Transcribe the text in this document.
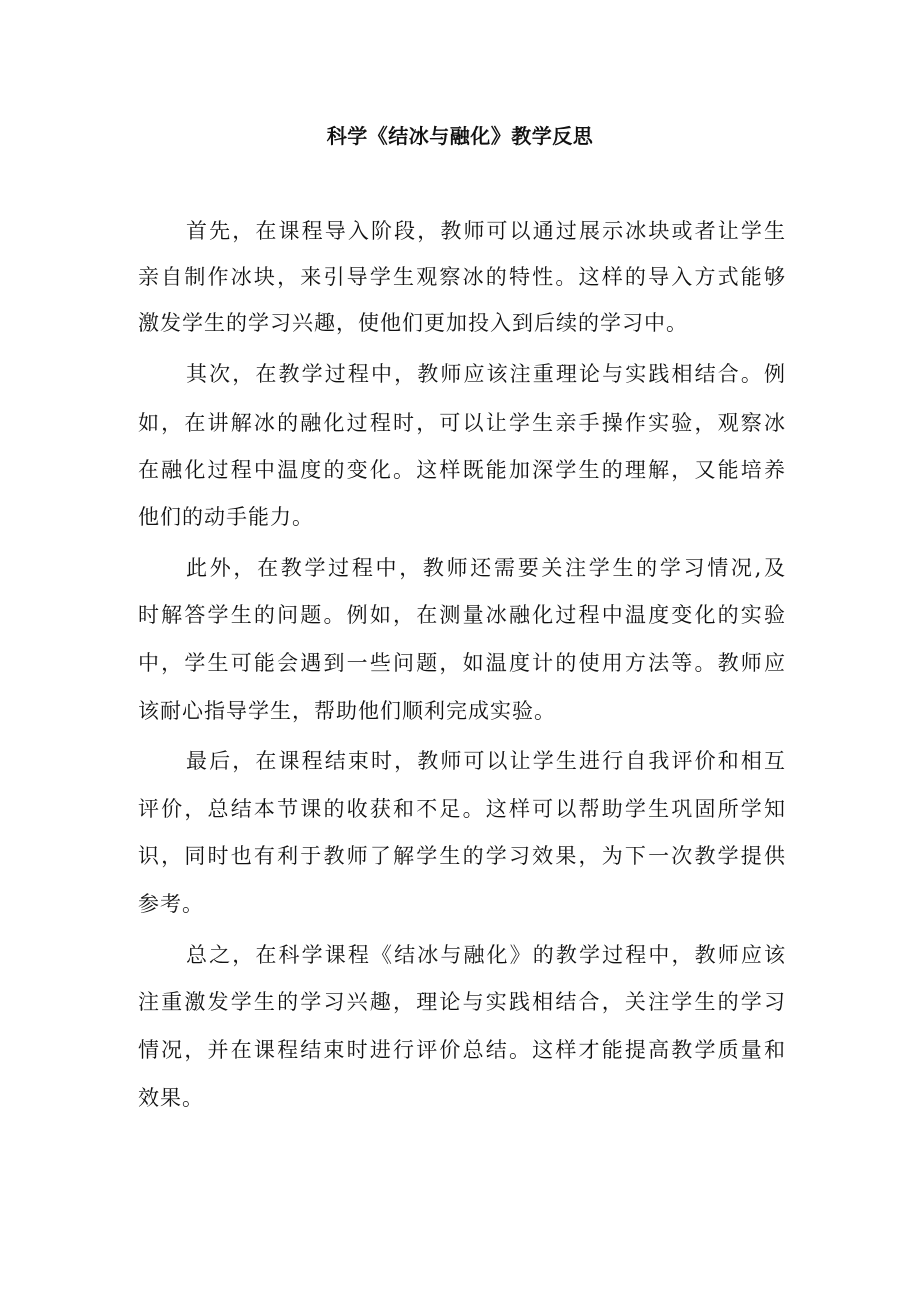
科学《结冰与融化》教学反思
首先，在课程导入阶段，教师可以通过展示冰块或者让学生
亲自制作冰块，来引导学生观察冰的特性。这样的导入方式能够
激发学生的学习兴趣，使他们更加投入到后续的学习中。
其次，在教学过程中，教师应该注重理论与实践相结合。例
如，在讲解冰的融化过程时，可以让学生亲手操作实验，观察冰
在融化过程中温度的变化。这样既能加深学生的理解，又能培养
他们的动手能力。
此外，在教学过程中，教师还需要关注学生的学习情况,及
时解答学生的问题。例如，在测量冰融化过程中温度变化的实验
中，学生可能会遇到一些问题，如温度计的使用方法等。教师应
该耐心指导学生，帮助他们顺利完成实验。
最后，在课程结束时，教师可以让学生进行自我评价和相互
评价，总结本节课的收获和不足。这样可以帮助学生巩固所学知
识，同时也有利于教师了解学生的学习效果，为下一次教学提供
参考。
总之，在科学课程《结冰与融化》的教学过程中，教师应该
注重激发学生的学习兴趣，理论与实践相结合，关注学生的学习
情况，并在课程结束时进行评价总结。这样才能提高教学质量和
效果。
